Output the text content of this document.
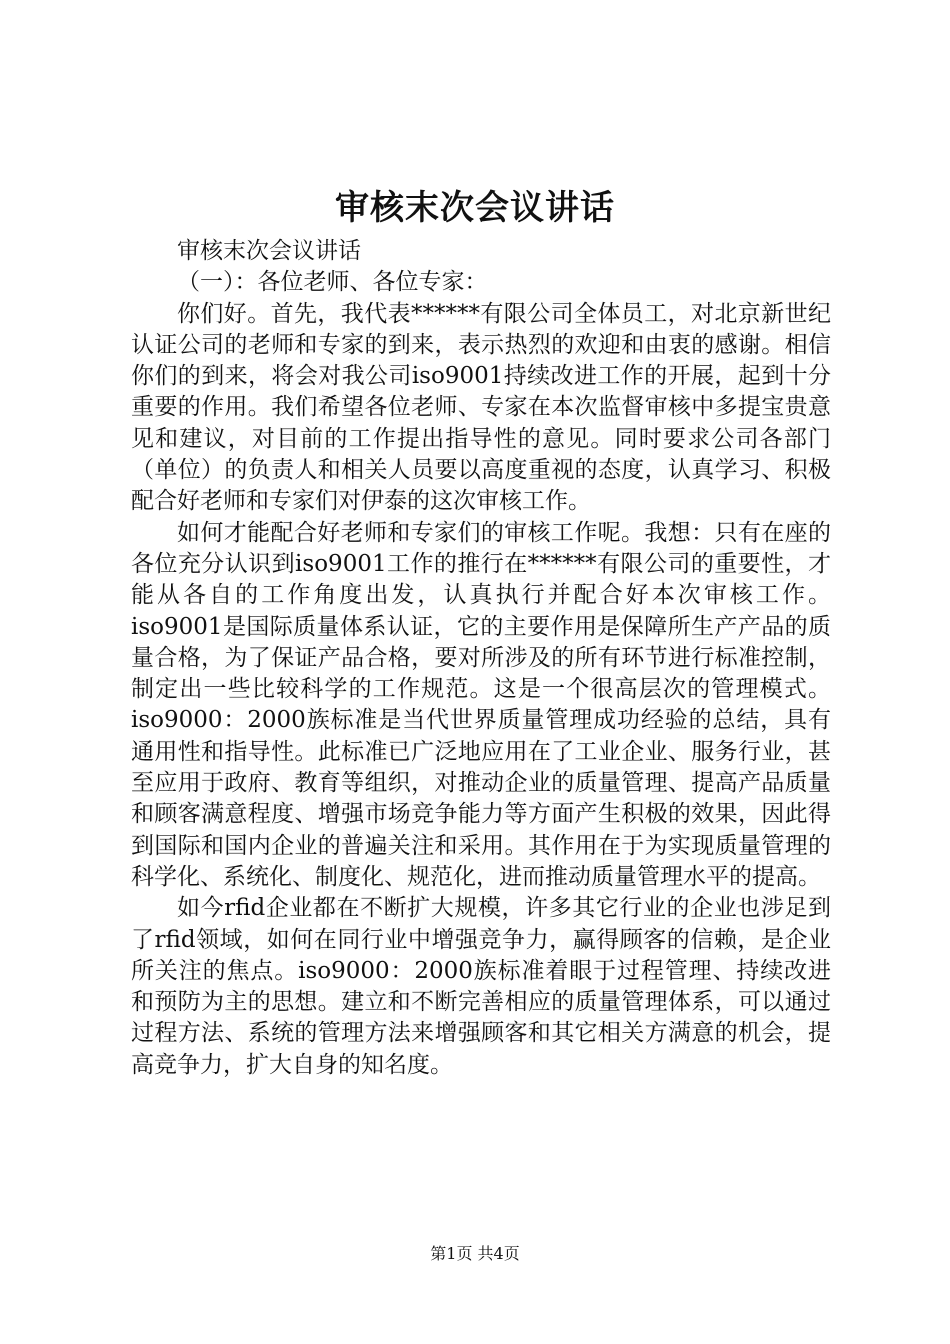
审核末次会议讲话

审核末次会议讲话

（一）：各位老师、各位专家：

你们好。首先，我代表******有限公司全体员工，对北京新世纪认证公司的老师和专家的到来，表示热烈的欢迎和由衷的感谢。相信你们的到来，将会对我公司iso9001持续改进工作的开展，起到十分重要的作用。我们希望各位老师、专家在本次监督审核中多提宝贵意见和建议，对目前的工作提出指导性的意见。同时要求公司各部门（单位）的负责人和相关人员要以高度重视的态度，认真学习、积极配合好老师和专家们对伊泰的这次审核工作。

如何才能配合好老师和专家们的审核工作呢。我想：只有在座的各位充分认识到iso9001工作的推行在******有限公司的重要性，才能从各自的工作角度出发，认真执行并配合好本次审核工作。iso9001是国际质量体系认证，它的主要作用是保障所生产产品的质量合格，为了保证产品合格，要对所涉及的所有环节进行标准控制，制定出一些比较科学的工作规范。这是一个很高层次的管理模式。iso9000：2000族标准是当代世界质量管理成功经验的总结，具有通用性和指导性。此标准已广泛地应用在了工业企业、服务行业，甚至应用于政府、教育等组织，对推动企业的质量管理、提高产品质量和顾客满意程度、增强市场竞争能力等方面产生积极的效果，因此得到国际和国内企业的普遍关注和采用。其作用在于为实现质量管理的科学化、系统化、制度化、规范化，进而推动质量管理水平的提高。

如今rfid企业都在不断扩大规模，许多其它行业的企业也涉足到了rfid领域，如何在同行业中增强竞争力，赢得顾客的信赖，是企业所关注的焦点。iso9000：2000族标准着眼于过程管理、持续改进和预防为主的思想。建立和不断完善相应的质量管理体系，可以通过过程方法、系统的管理方法来增强顾客和其它相关方满意的机会，提高竞争力，扩大自身的知名度。

第1页 共4页
